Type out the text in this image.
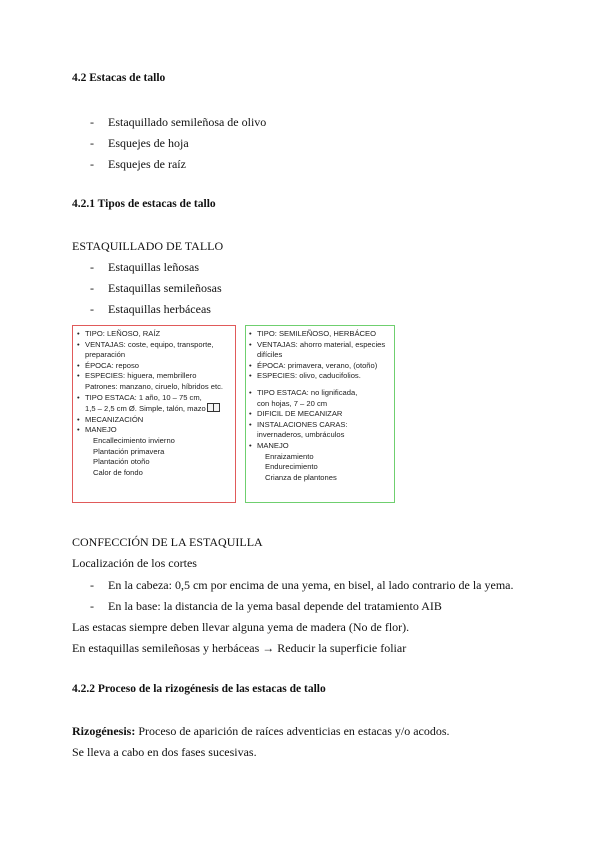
4.2 Estacas de tallo
- Estaquillado semileñosa de olivo
- Esquejes de hoja
- Esquejes de raíz
4.2.1 Tipos de estacas de tallo
ESTAQUILLADO DE TALLO
- Estaquillas leñosas
- Estaquillas semileñosas
- Estaquillas herbáceas
• TIPO: LEÑOSO, RAÍZ
• VENTAJAS: coste, equipo, transporte,
preparación
• ÉPOCA: reposo
• ESPECIES: higuera, membrillero
Patrones: manzano, ciruelo, híbridos etc.
• TIPO ESTACA: 1 año, 10 – 75 cm,
1,5 – 2,5 cm Ø. Simple, talón, mazo
• MECANIZACIÓN
• MANEJO
Encallecimiento invierno
Plantación primavera
Plantación otoño
Calor de fondo
• TIPO: SEMILEÑOSO, HERBÁCEO
• VENTAJAS: ahorro material, especies
difíciles
• ÉPOCA: primavera, verano, (otoño)
• ESPECIES: olivo, caducifolios.
• TIPO ESTACA: no lignificada,
con hojas, 7 – 20 cm
• DIFICIL DE MECANIZAR
• INSTALACIONES CARAS:
invernaderos, umbráculos
• MANEJO
Enraizamiento
Endurecimiento
Crianza de plantones
CONFECCIÓN DE LA ESTAQUILLA
Localización de los cortes
- En la cabeza: 0,5 cm por encima de una yema, en bisel, al lado contrario de la yema.
- En la base: la distancia de la yema basal depende del tratamiento AIB
Las estacas siempre deben llevar alguna yema de madera (No de flor).
En estaquillas semileñosas y herbáceas → Reducir la superficie foliar
4.2.2 Proceso de la rizogénesis de las estacas de tallo
Rizogénesis: Proceso de aparición de raíces adventicias en estacas y/o acodos.
Se lleva a cabo en dos fases sucesivas.
